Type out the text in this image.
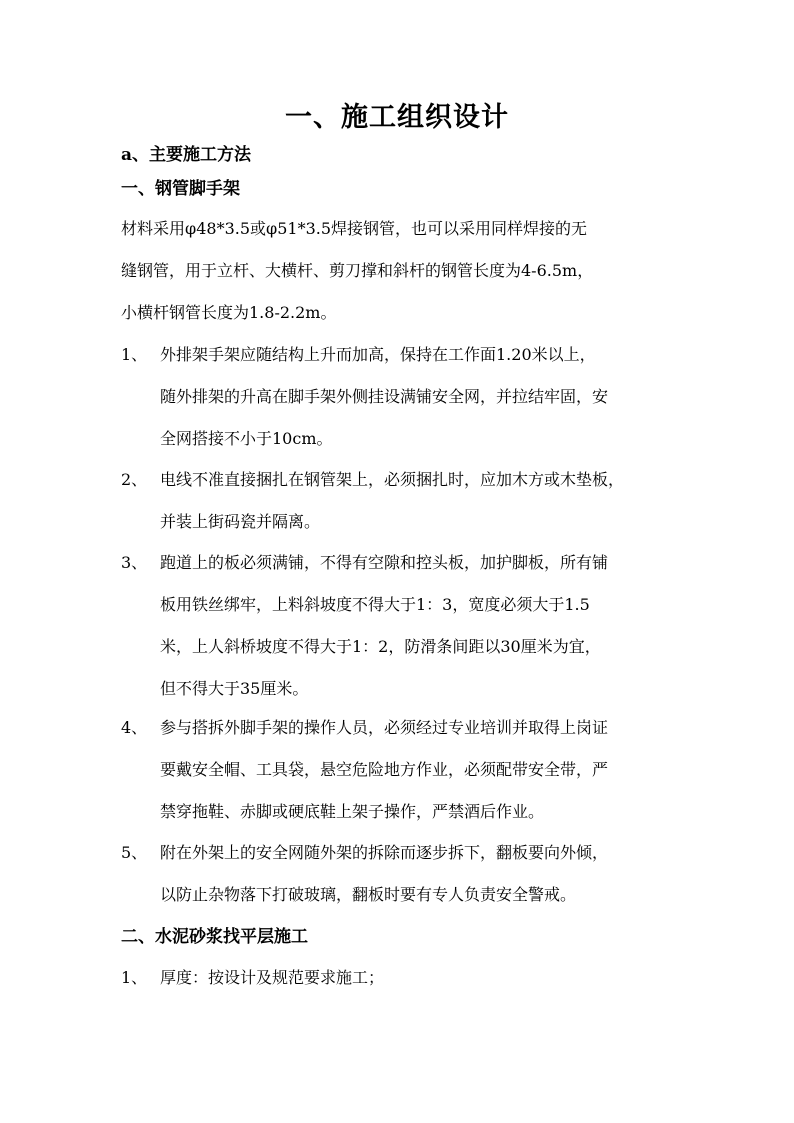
一、施工组织设计
a、主要施工方法
一、钢管脚手架

材料采用φ48*3.5或φ51*3.5焊接钢管，也可以采用同样焊接的无

缝钢管，用于立杆、大横杆、剪刀撑和斜杆的钢管长度为4-6.5m，

小横杆钢管长度为1.8-2.2m。

1、 外排架手架应随结构上升而加高，保持在工作面1.20米以上，

随外排架的升高在脚手架外侧挂设满铺安全网，并拉结牢固，安

全网搭接不小于10cm。

2、 电线不准直接捆扎在钢管架上，必须捆扎时，应加木方或木垫板，

并装上街码瓷并隔离。

3、 跑道上的板必须满铺，不得有空隙和控头板，加护脚板，所有铺

板用铁丝绑牢，上料斜坡度不得大于1：3，宽度必须大于1.5

米，上人斜桥坡度不得大于1：2，防滑条间距以30厘米为宜，

但不得大于35厘米。

4、 参与搭拆外脚手架的操作人员，必须经过专业培训并取得上岗证

要戴安全帽、工具袋，悬空危险地方作业，必须配带安全带，严

禁穿拖鞋、赤脚或硬底鞋上架子操作，严禁酒后作业。

5、 附在外架上的安全网随外架的拆除而逐步拆下，翻板要向外倾，

以防止杂物落下打破玻璃，翻板时要有专人负责安全警戒。

二、水泥砂浆找平层施工
1、 厚度：按设计及规范要求施工；
